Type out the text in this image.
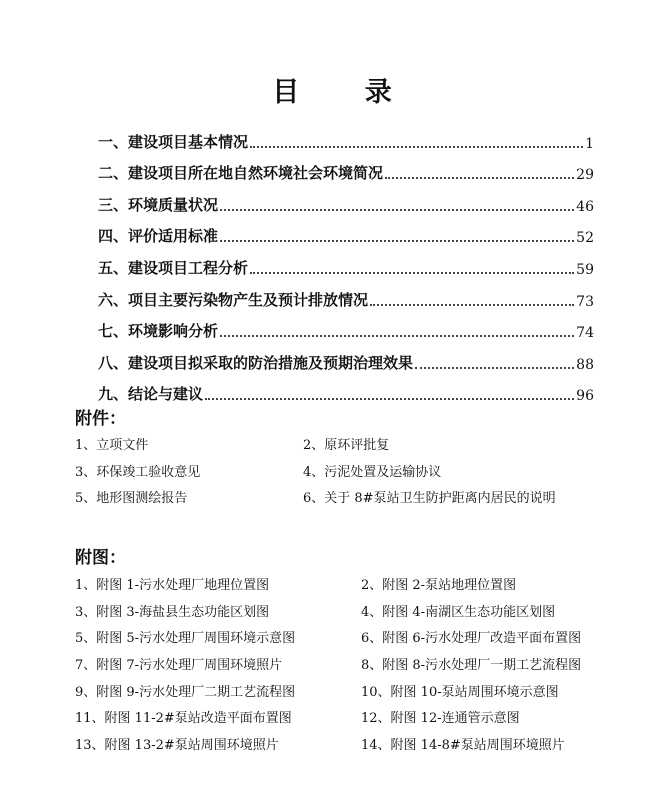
目 录
一、建设项目基本情况	1
二、建设项目所在地自然环境社会环境简况	29
三、环境质量状况	46
四、评价适用标准	52
五、建设项目工程分析	59
六、项目主要污染物产生及预计排放情况	73
七、环境影响分析	74
八、建设项目拟采取的防治措施及预期治理效果	88
九、结论与建议	96
附件：
1、立项文件	2、原环评批复
3、环保竣工验收意见	4、污泥处置及运输协议
5、地形图测绘报告	6、关于 8#泵站卫生防护距离内居民的说明
附图：
1、附图 1-污水处理厂地理位置图	2、附图 2-泵站地理位置图
3、附图 3-海盐县生态功能区划图	4、附图 4-南湖区生态功能区划图
5、附图 5-污水处理厂周围环境示意图	6、附图 6-污水处理厂改造平面布置图
7、附图 7-污水处理厂周围环境照片	8、附图 8-污水处理厂一期工艺流程图
9、附图 9-污水处理厂二期工艺流程图	10、附图 10-泵站周围环境示意图
11、附图 11-2#泵站改造平面布置图	12、附图 12-连通管示意图
13、附图 13-2#泵站周围环境照片	14、附图 14-8#泵站周围环境照片
